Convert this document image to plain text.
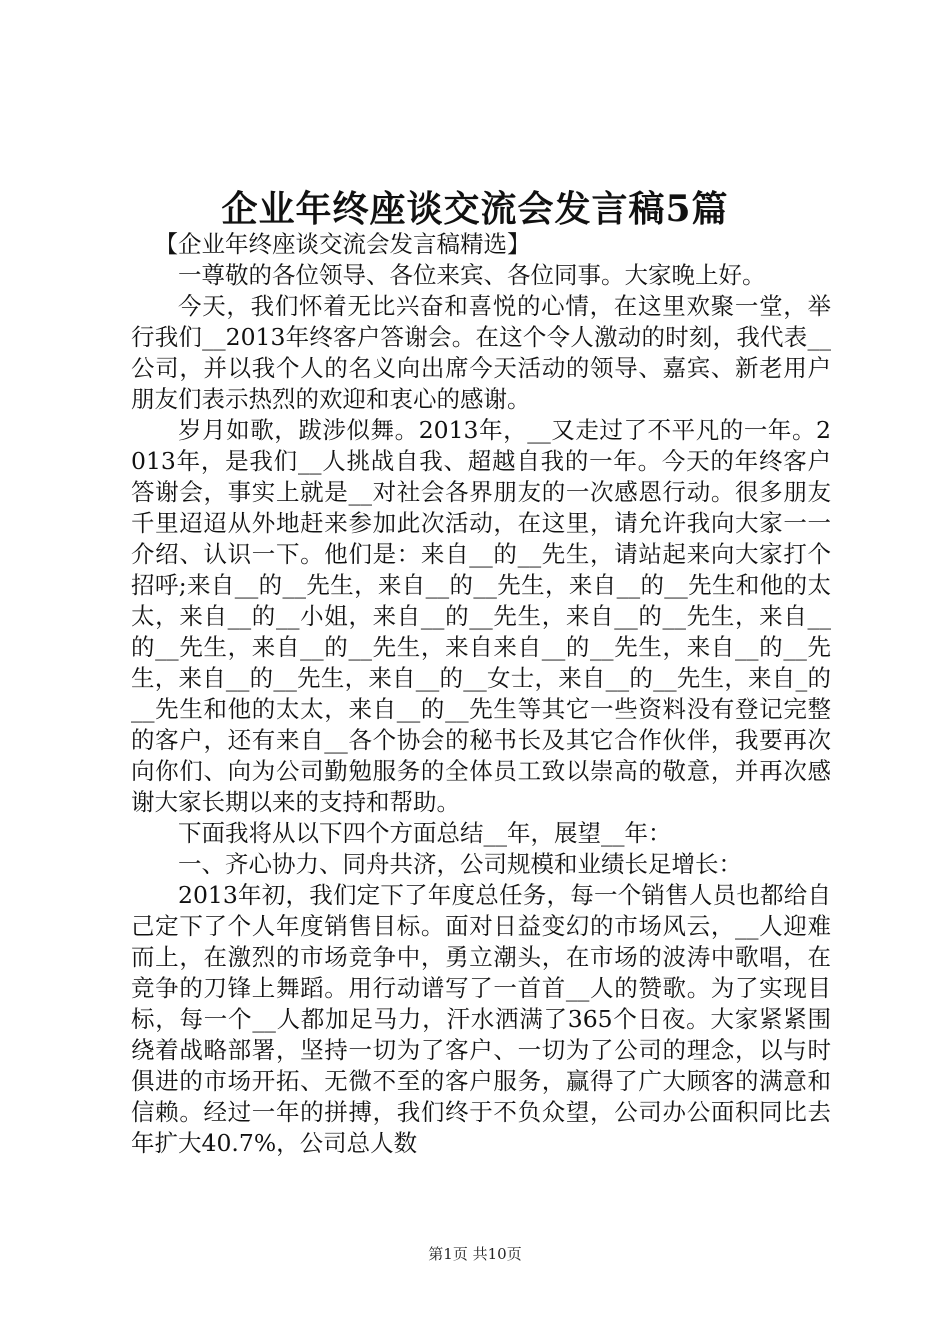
企业年终座谈交流会发言稿5篇

【企业年终座谈交流会发言稿精选】

一尊敬的各位领导、各位来宾、各位同事。大家晚上好。

今天，我们怀着无比兴奋和喜悦的心情，在这里欢聚一堂，举行我们__2013年终客户答谢会。在这个令人激动的时刻，我代表__公司，并以我个人的名义向出席今天活动的领导、嘉宾、新老用户朋友们表示热烈的欢迎和衷心的感谢。

岁月如歌，跋涉似舞。2013年，__又走过了不平凡的一年。2013年，是我们__人挑战自我、超越自我的一年。今天的年终客户答谢会，事实上就是__对社会各界朋友的一次感恩行动。很多朋友千里迢迢从外地赶来参加此次活动，在这里，请允许我向大家一一介绍、认识一下。他们是：来自__的__先生，请站起来向大家打个招呼;来自__的__先生，来自__的__先生，来自__的__先生和他的太太，来自__的__小姐，来自__的__先生，来自__的__先生，来自__的__先生，来自__的__先生，来自来自__的__先生，来自__的__先生，来自__的__先生，来自__的__女士，来自__的__先生，来自_的__先生和他的太太，来自__的__先生等其它一些资料没有登记完整的客户，还有来自__各个协会的秘书长及其它合作伙伴，我要再次向你们、向为公司勤勉服务的全体员工致以崇高的敬意，并再次感谢大家长期以来的支持和帮助。

下面我将从以下四个方面总结__年，展望__年：

一、齐心协力、同舟共济，公司规模和业绩长足增长：

2013年初，我们定下了年度总任务，每一个销售人员也都给自己定下了个人年度销售目标。面对日益变幻的市场风云，__人迎难而上，在激烈的市场竞争中，勇立潮头，在市场的波涛中歌唱，在竞争的刀锋上舞蹈。用行动谱写了一首首__人的赞歌。为了实现目标，每一个__人都加足马力，汗水洒满了365个日夜。大家紧紧围绕着战略部署，坚持一切为了客户、一切为了公司的理念，以与时俱进的市场开拓、无微不至的客户服务，赢得了广大顾客的满意和信赖。经过一年的拼搏，我们终于不负众望，公司办公面积同比去年扩大40.7%，公司总人数

第1页 共10页
